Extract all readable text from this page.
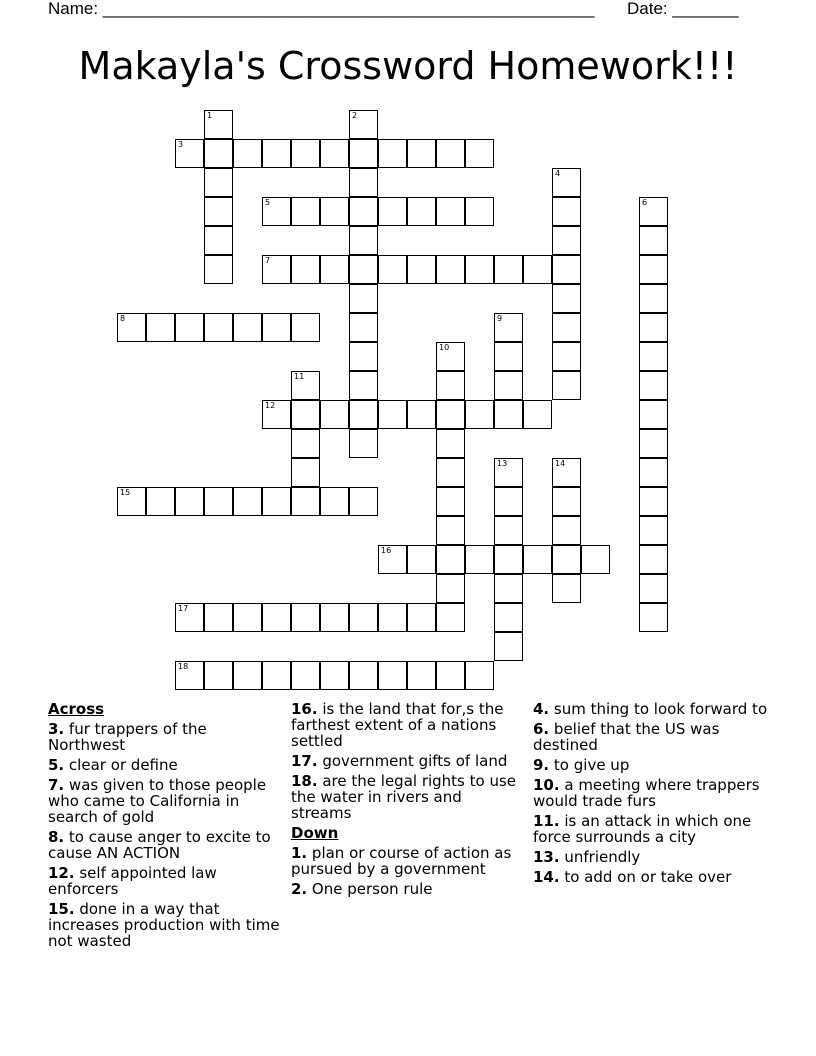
Name: ____________________________________________________ Date: _______
Makayla's Crossword Homework!!!
1	2
3
4
5	6
7
8	9
10
11
12
13	14
15
16
17
18
Across
3. fur trappers of the Northwest
5. clear or define
7. was given to those people who came to California in search of gold
8. to cause anger to excite to cause AN ACTION
12. self appointed law enforcers
15. done in a way that increases production with time not wasted
16. is the land that for,s the farthest extent of a nations settled
17. government gifts of land
18. are the legal rights to use the water in rivers and streams
Down
1. plan or course of action as pursued by a government
2. One person rule
4. sum thing to look forward to
6. belief that the US was destined
9. to give up
10. a meeting where trappers would trade furs
11. is an attack in which one force surrounds a city
13. unfriendly
14. to add on or take over
